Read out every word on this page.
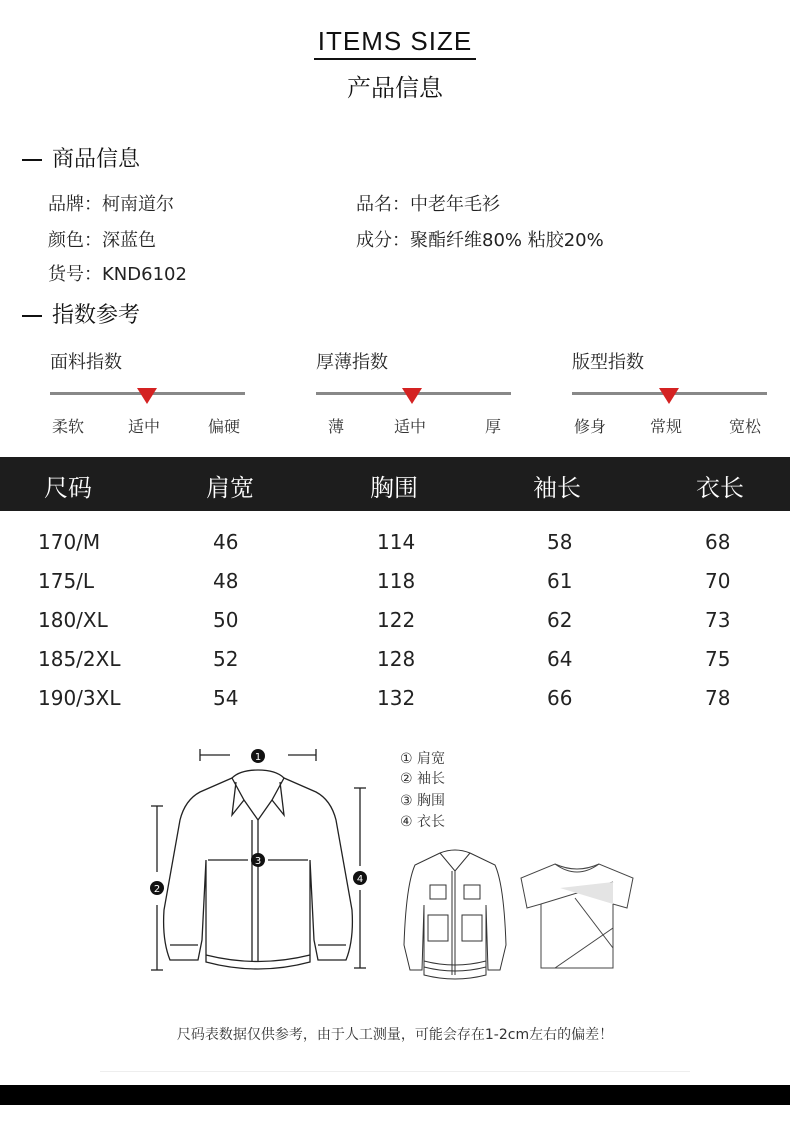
ITEMS SIZE
产品信息
商品信息
品牌：柯南道尔	品名：中老年毛衫
颜色：深蓝色	成分：聚酯纤维80% 粘胶20%
货号：KND6102
指数参考
面料指数
柔软	适中	偏硬
厚薄指数
薄	适中	厚
版型指数
修身	常规	宽松
尺码	肩宽	胸围	袖长	衣长
170/M	46	114	58	68
175/L	48	118	61	70
180/XL	50	122	62	73
185/2XL	52	128	64	75
190/3XL	54	132	66	78
1
2
3
4
① 肩宽
② 袖长
③ 胸围
④ 衣长
尺码表数据仅供参考，由于人工测量，可能会存在1-2cm左右的偏差！
